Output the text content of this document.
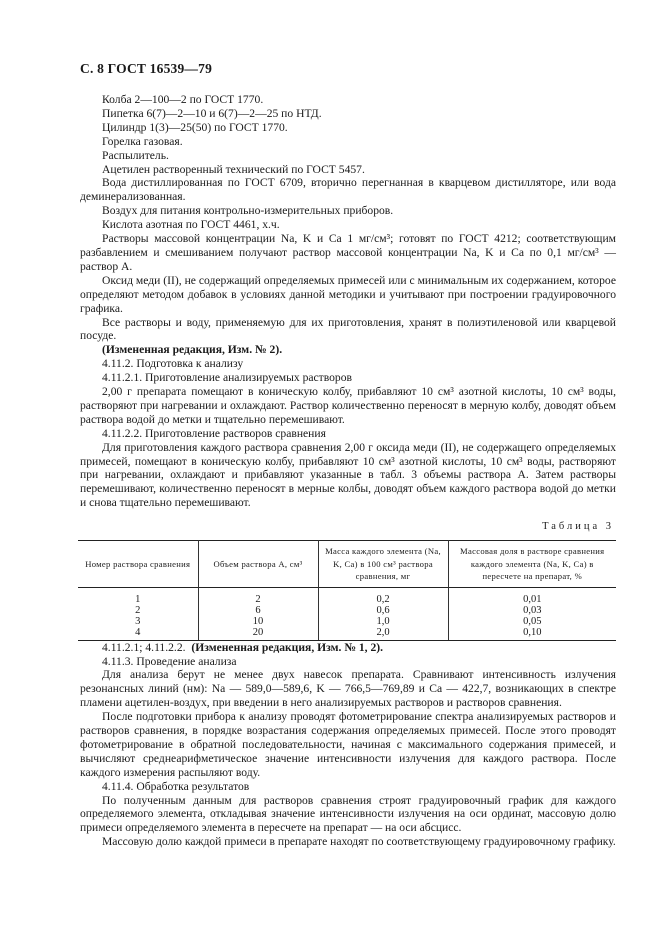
С. 8 ГОСТ 16539—79

Колба 2—100—2 по ГОСТ 1770.

Пипетка 6(7)—2—10 и 6(7)—2—25 по НТД.

Цилиндр 1(3)—25(50) по ГОСТ 1770.

Горелка газовая.

Распылитель.

Ацетилен растворенный технический по ГОСТ 5457.

Вода дистиллированная по ГОСТ 6709, вторично перегнанная в кварцевом дистилляторе, или вода деминерализованная.

Воздух для питания контрольно-измерительных приборов.

Кислота азотная по ГОСТ 4461, х.ч.

Растворы массовой концентрации Na, K и Ca 1 мг/см³; готовят по ГОСТ 4212; соответствующим разбавлением и смешиванием получают раствор массовой концентрации Na, K и Ca по 0,1 мг/см³ — раствор А.

Оксид меди (II), не содержащий определяемых примесей или с минимальным их содержанием, которое определяют методом добавок в условиях данной методики и учитывают при построении градуировочного графика.

Все растворы и воду, применяемую для их приготовления, хранят в полиэтиленовой или кварцевой посуде.

(Измененная редакция, Изм. № 2).

4.11.2. Подготовка к анализу

4.11.2.1. Приготовление анализируемых растворов

2,00 г препарата помещают в коническую колбу, прибавляют 10 см³ азотной кислоты, 10 см³ воды, растворяют при нагревании и охлаждают. Раствор количественно переносят в мерную колбу, доводят объем раствора водой до метки и тщательно перемешивают.

4.11.2.2. Приготовление растворов сравнения

Для приготовления каждого раствора сравнения 2,00 г оксида меди (II), не содержащего определяемых примесей, помещают в коническую колбу, прибавляют 10 см³ азотной кислоты, 10 см³ воды, растворяют при нагревании, охлаждают и прибавляют указанные в табл. 3 объемы раствора А. Затем растворы перемешивают, количественно переносят в мерные колбы, доводят объем каждого раствора водой до метки и снова тщательно перемешивают.

Таблица 3
Номер раствора сравнения	Объем раствора А, см³	Масса каждого элемента (Na, K, Ca) в 100 см³ раствора сравнения, мг	Массовая доля в растворе сравнения каждого элемента (Na, K, Ca) в пересчете на препарат, %
1	2	0,2	0,01
2	6	0,6	0,03
3	10	1,0	0,05
4	20	2,0	0,10

4.11.2.1; 4.11.2.2. (Измененная редакция, Изм. № 1, 2).

4.11.3. Проведение анализа

Для анализа берут не менее двух навесок препарата. Сравнивают интенсивность излучения резонансных линий (нм): Na — 589,0—589,6, K — 766,5—769,89 и Ca — 422,7, возникающих в спектре пламени ацетилен-воздух, при введении в него анализируемых растворов и растворов сравнения.

После подготовки прибора к анализу проводят фотометрирование спектра анализируемых растворов и растворов сравнения, в порядке возрастания содержания определяемых примесей. После этого проводят фотометрирование в обратной последовательности, начиная с максимального содержания примесей, и вычисляют среднеарифметическое значение интенсивности излучения для каждого раствора. После каждого измерения распыляют воду.

4.11.4. Обработка результатов

По полученным данным для растворов сравнения строят градуировочный график для каждого определяемого элемента, откладывая значение интенсивности излучения на оси ординат, массовую долю примеси определяемого элемента в пересчете на препарат — на оси абсцисс.

Массовую долю каждой примеси в препарате находят по соответствующему градуировочному графику.
